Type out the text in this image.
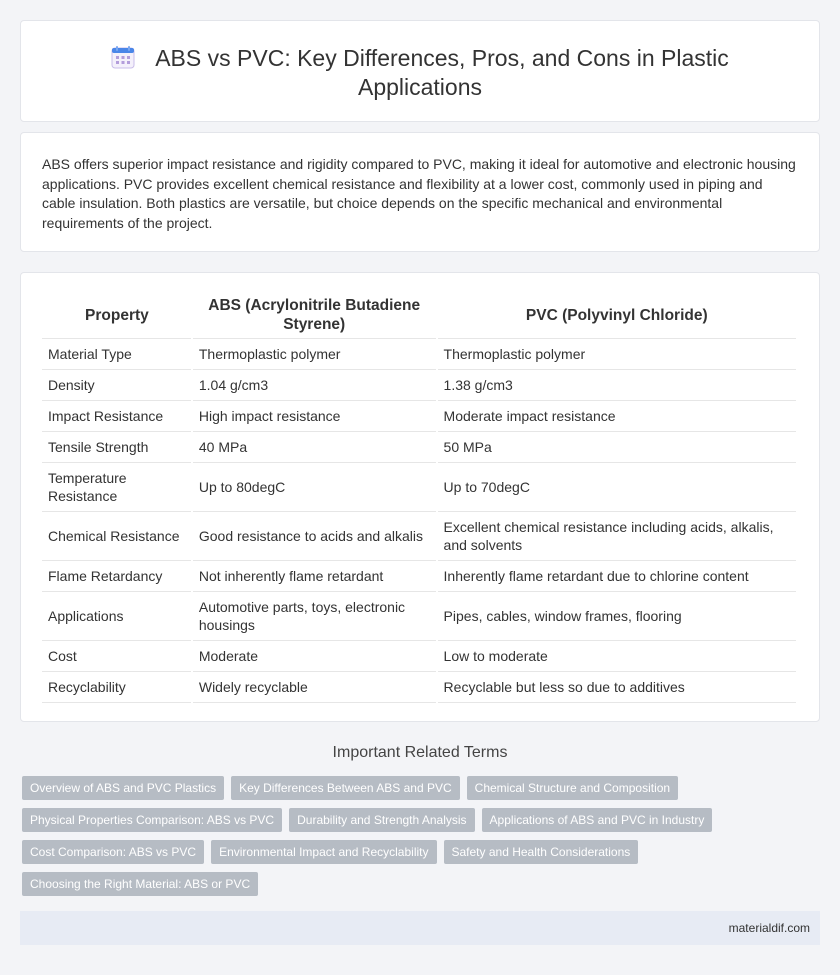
ABS vs PVC: Key Differences, Pros, and Cons in Plastic Applications

ABS offers superior impact resistance and rigidity compared to PVC, making it ideal for automotive and electronic housing applications. PVC provides excellent chemical resistance and flexibility at a lower cost, commonly used in piping and cable insulation. Both plastics are versatile, but choice depends on the specific mechanical and environmental requirements of the project.

Property	ABS (Acrylonitrile Butadiene Styrene)	PVC (Polyvinyl Chloride)
Material Type	Thermoplastic polymer	Thermoplastic polymer
Density	1.04 g/cm3	1.38 g/cm3
Impact Resistance	High impact resistance	Moderate impact resistance
Tensile Strength	40 MPa	50 MPa
Temperature Resistance	Up to 80degC	Up to 70degC
Chemical Resistance	Good resistance to acids and alkalis	Excellent chemical resistance including acids, alkalis, and solvents
Flame Retardancy	Not inherently flame retardant	Inherently flame retardant due to chlorine content
Applications	Automotive parts, toys, electronic housings	Pipes, cables, window frames, flooring
Cost	Moderate	Low to moderate
Recyclability	Widely recyclable	Recyclable but less so due to additives
Important Related Terms
Overview of ABS and PVC Plastics	Key Differences Between ABS and PVC	Chemical Structure and Composition
Physical Properties Comparison: ABS vs PVC	Durability and Strength Analysis	Applications of ABS and PVC in Industry
Cost Comparison: ABS vs PVC	Environmental Impact and Recyclability	Safety and Health Considerations
Choosing the Right Material: ABS or PVC
materialdif.com
